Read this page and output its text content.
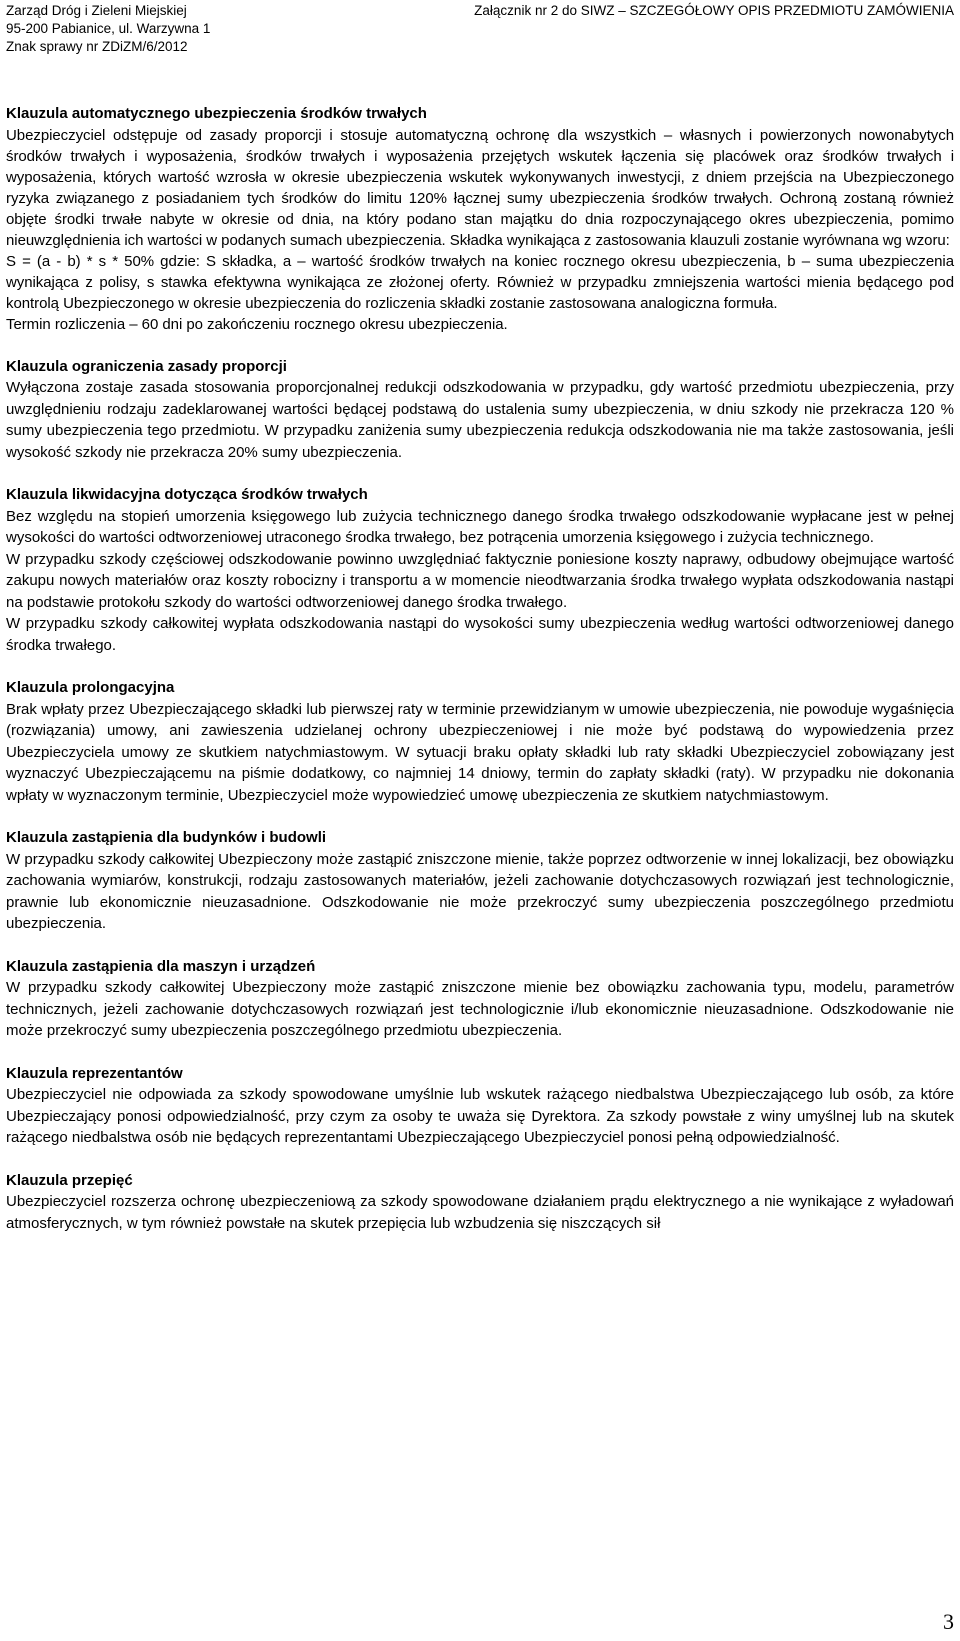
Zarząd Dróg i Zieleni Miejskiej
95-200 Pabianice, ul. Warzywna 1
Znak sprawy nr ZDiZM/6/2012
Załącznik nr 2 do SIWZ – SZCZEGÓŁOWY OPIS PRZEDMIOTU ZAMÓWIENIA
Klauzula automatycznego ubezpieczenia środków trwałych

Ubezpieczyciel odstępuje od zasady proporcji i stosuje automatyczną ochronę dla wszystkich – własnych i powierzonych nowonabytych środków trwałych i wyposażenia, środków trwałych i wyposażenia przejętych wskutek łączenia się placówek oraz środków trwałych i wyposażenia, których wartość wzrosła w okresie ubezpieczenia wskutek wykonywanych inwestycji, z dniem przejścia na Ubezpieczonego ryzyka związanego z posiadaniem tych środków do limitu 120% łącznej sumy ubezpieczenia środków trwałych. Ochroną zostaną również objęte środki trwałe nabyte w okresie od dnia, na który podano stan majątku do dnia rozpoczynającego okres ubezpieczenia, pomimo nieuwzględnienia ich wartości w podanych sumach ubezpieczenia. Składka wynikająca z zastosowania klauzuli zostanie wyrównana wg wzoru:

S = (a - b) * s * 50% gdzie: S składka, a – wartość środków trwałych na koniec rocznego okresu ubezpieczenia, b – suma ubezpieczenia wynikająca z polisy, s stawka efektywna wynikająca ze złożonej oferty. Również w przypadku zmniejszenia wartości mienia będącego pod kontrolą Ubezpieczonego w okresie ubezpieczenia do rozliczenia składki zostanie zastosowana analogiczna formuła.

Termin rozliczenia – 60 dni po zakończeniu rocznego okresu ubezpieczenia.

Klauzula ograniczenia zasady proporcji

Wyłączona zostaje zasada stosowania proporcjonalnej redukcji odszkodowania w przypadku, gdy wartość przedmiotu ubezpieczenia, przy uwzględnieniu rodzaju zadeklarowanej wartości będącej podstawą do ustalenia sumy ubezpieczenia, w dniu szkody nie przekracza 120 % sumy ubezpieczenia tego przedmiotu. W przypadku zaniżenia sumy ubezpieczenia redukcja odszkodowania nie ma także zastosowania, jeśli wysokość szkody nie przekracza 20% sumy ubezpieczenia.

Klauzula likwidacyjna dotycząca środków trwałych

Bez względu na stopień umorzenia księgowego lub zużycia technicznego danego środka trwałego odszkodowanie wypłacane jest w pełnej wysokości do wartości odtworzeniowej utraconego środka trwałego, bez potrącenia umorzenia księgowego i zużycia technicznego.

W przypadku szkody częściowej odszkodowanie powinno uwzględniać faktycznie poniesione koszty naprawy, odbudowy obejmujące wartość zakupu nowych materiałów oraz koszty robocizny i transportu a w momencie nieodtwarzania środka trwałego wypłata odszkodowania nastąpi na podstawie protokołu szkody do wartości odtworzeniowej danego środka trwałego.

W przypadku szkody całkowitej wypłata odszkodowania nastąpi do wysokości sumy ubezpieczenia według wartości odtworzeniowej danego środka trwałego.

Klauzula prolongacyjna

Brak wpłaty przez Ubezpieczającego składki lub pierwszej raty w terminie przewidzianym w umowie ubezpieczenia, nie powoduje wygaśnięcia (rozwiązania) umowy, ani zawieszenia udzielanej ochrony ubezpieczeniowej i nie może być podstawą do wypowiedzenia przez Ubezpieczyciela umowy ze skutkiem natychmiastowym. W sytuacji braku opłaty składki lub raty składki Ubezpieczyciel zobowiązany jest wyznaczyć Ubezpieczającemu na piśmie dodatkowy, co najmniej 14 dniowy, termin do zapłaty składki (raty). W przypadku nie dokonania wpłaty w wyznaczonym terminie, Ubezpieczyciel może wypowiedzieć umowę ubezpieczenia ze skutkiem natychmiastowym.

Klauzula zastąpienia dla budynków i budowli

W przypadku szkody całkowitej Ubezpieczony może zastąpić zniszczone mienie, także poprzez odtworzenie w innej lokalizacji, bez obowiązku zachowania wymiarów, konstrukcji, rodzaju zastosowanych materiałów, jeżeli zachowanie dotychczasowych rozwiązań jest technologicznie, prawnie lub ekonomicznie nieuzasadnione. Odszkodowanie nie może przekroczyć sumy ubezpieczenia poszczególnego przedmiotu ubezpieczenia.

Klauzula zastąpienia dla maszyn i urządzeń

W przypadku szkody całkowitej Ubezpieczony może zastąpić zniszczone mienie bez obowiązku zachowania typu, modelu, parametrów technicznych, jeżeli zachowanie dotychczasowych rozwiązań jest technologicznie i/lub ekonomicznie nieuzasadnione. Odszkodowanie nie może przekroczyć sumy ubezpieczenia poszczególnego przedmiotu ubezpieczenia.

Klauzula reprezentantów

Ubezpieczyciel nie odpowiada za szkody spowodowane umyślnie lub wskutek rażącego niedbalstwa Ubezpieczającego lub osób, za które Ubezpieczający ponosi odpowiedzialność, przy czym za osoby te uważa się Dyrektora. Za szkody powstałe z winy umyślnej lub na skutek rażącego niedbalstwa osób nie będących reprezentantami Ubezpieczającego Ubezpieczyciel ponosi pełną odpowiedzialność.

Klauzula przepięć

Ubezpieczyciel rozszerza ochronę ubezpieczeniową za szkody spowodowane działaniem prądu elektrycznego a nie wynikające z wyładowań atmosferycznych, w tym również powstałe na skutek przepięcia lub wzbudzenia się niszczących sił

3
